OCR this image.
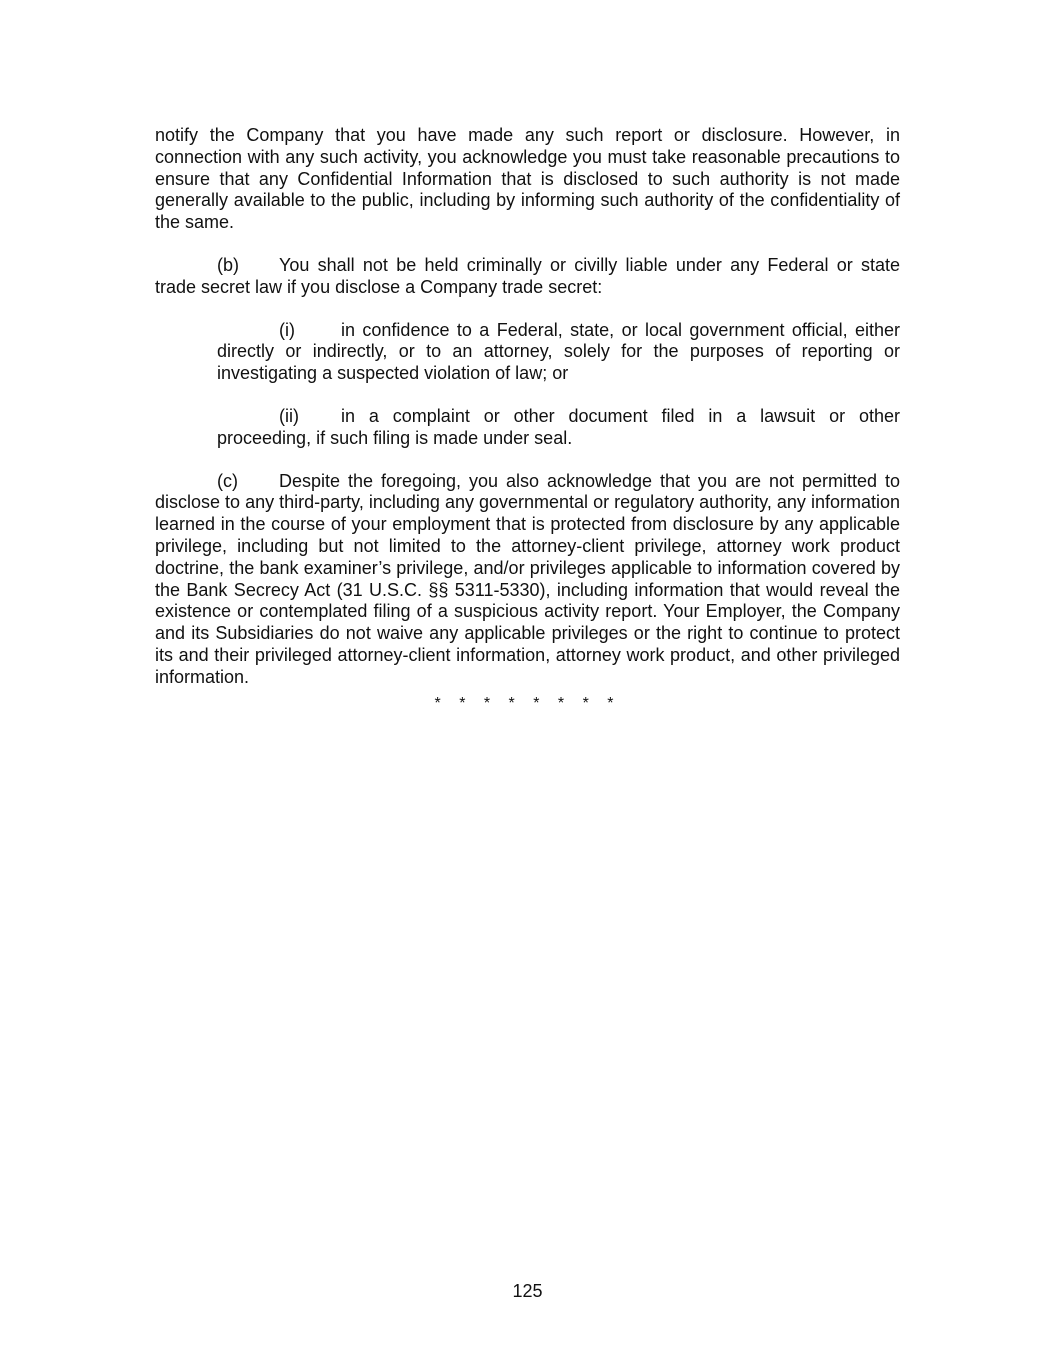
notify the Company that you have made any such report or disclosure. However, in connection with any such activity, you acknowledge you must take reasonable precautions to ensure that any Confidential Information that is disclosed to such authority is not made generally available to the public, including by informing such authority of the confidentiality of the same.

(b) You shall not be held criminally or civilly liable under any Federal or state trade secret law if you disclose a Company trade secret:

(i)	in confidence to a Federal, state, or local government official, either directly or indirectly, or to an attorney, solely for the purposes of reporting or investigating a suspected violation of law; or

(ii) in a complaint or other document filed in a lawsuit or other proceeding, if such filing is made under seal.

(c) Despite the foregoing, you also acknowledge that you are not permitted to disclose to any third-party, including any governmental or regulatory authority, any information learned in the course of your employment that is protected from disclosure by any applicable privilege, including but not limited to the attorney-client privilege, attorney work product doctrine, the bank examiner’s privilege, and/or privileges applicable to information covered by the Bank Secrecy Act (31 U.S.C. §§ 5311-5330), including information that would reveal the existence or contemplated filing of a suspicious activity report. Your Employer, the Company and its Subsidiaries do not waive any applicable privileges or the right to continue to protect its and their privileged attorney-client information, attorney work product, and other privileged information.

* * * * * * * *
125
